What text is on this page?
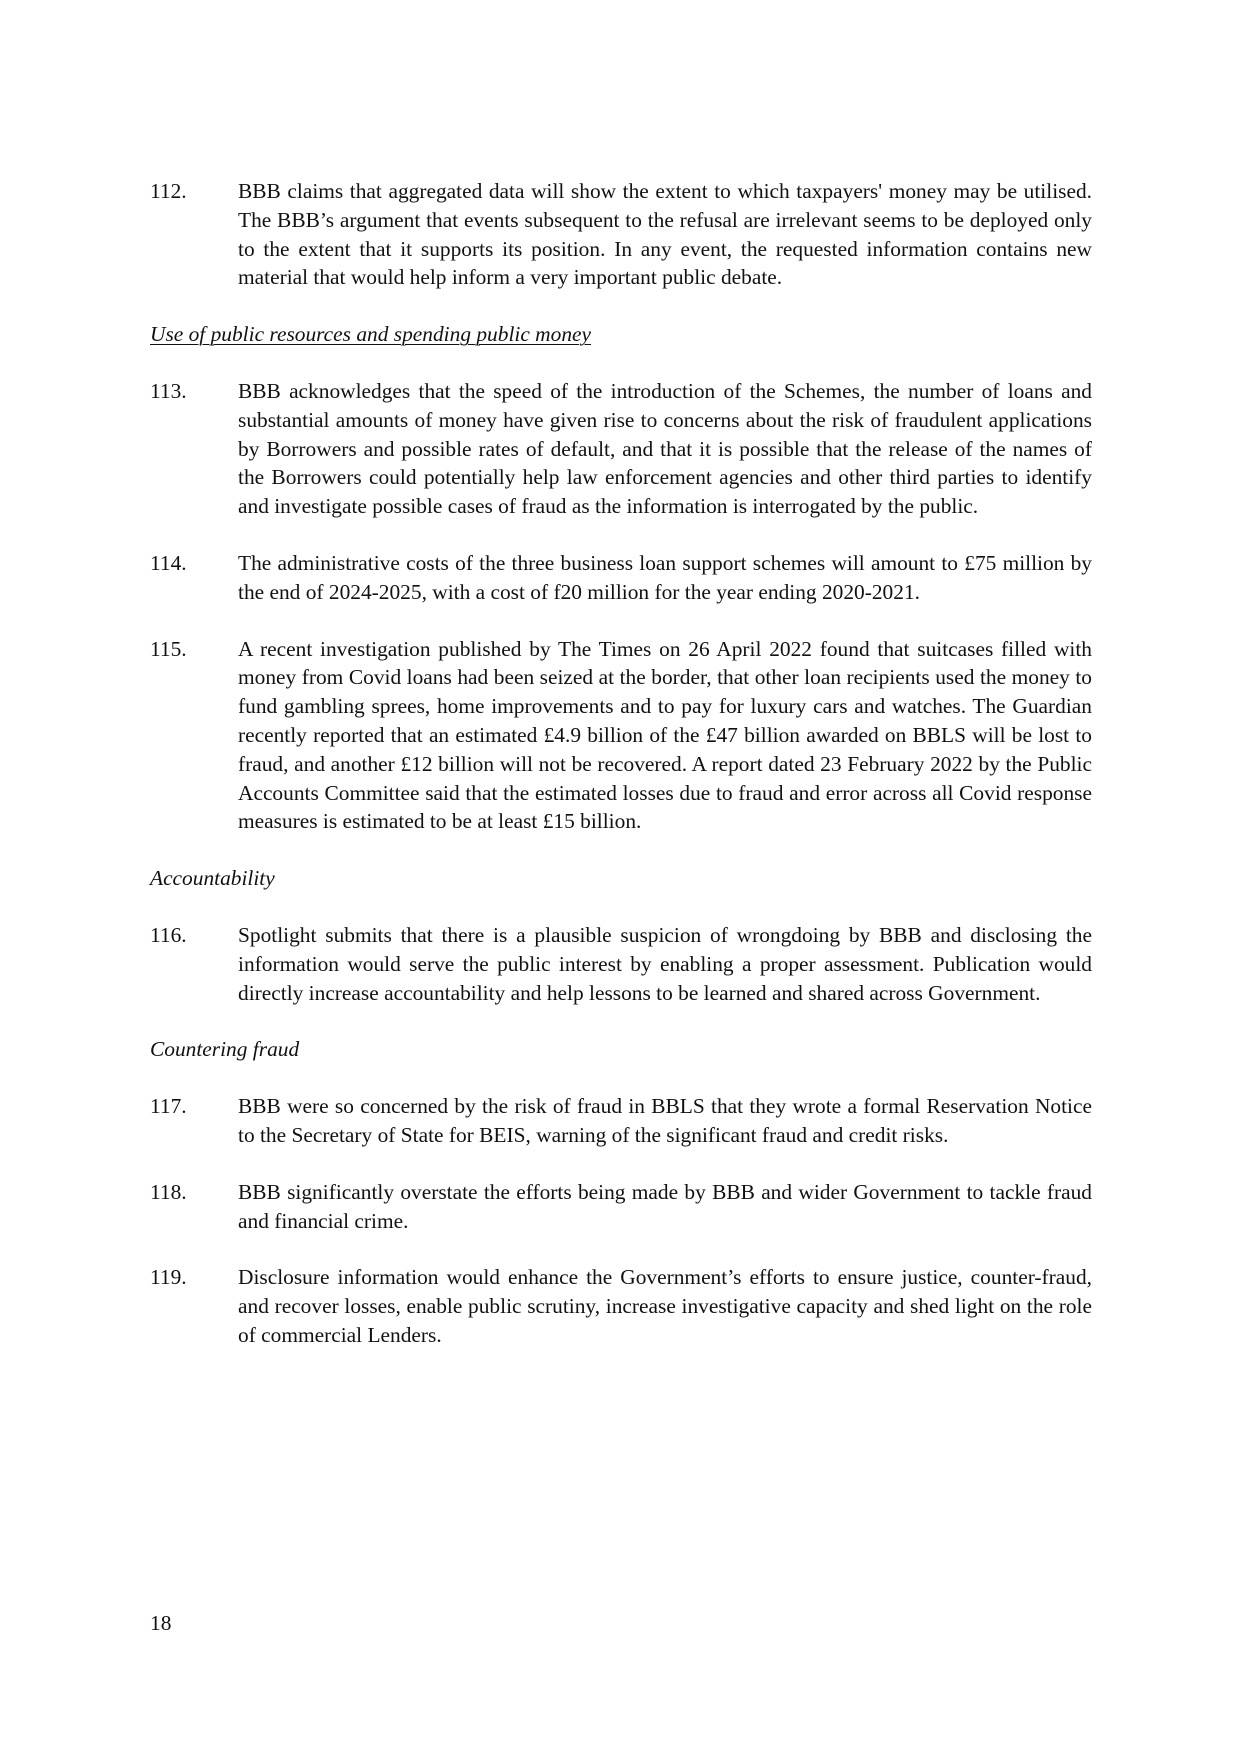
112.	BBB claims that aggregated data will show the extent to which taxpayers' money may be utilised. The BBB’s argument that events subsequent to the refusal are irrelevant seems to be deployed only to the extent that it supports its position. In any event, the requested information contains new material that would help inform a very important public debate.

Use of public resources and spending public money

113.	BBB acknowledges that the speed of the introduction of the Schemes, the number of loans and substantial amounts of money have given rise to concerns about the risk of fraudulent applications by Borrowers and possible rates of default, and that it is possible that the release of the names of the Borrowers could potentially help law enforcement agencies and other third parties to identify and investigate possible cases of fraud as the information is interrogated by the public.
114.	The administrative costs of the three business loan support schemes will amount to £75 million by the end of 2024-2025, with a cost of f20 million for the year ending 2020-2021.
115.	A recent investigation published by The Times on 26 April 2022 found that suitcases filled with money from Covid loans had been seized at the border, that other loan recipients used the money to fund gambling sprees, home improvements and to pay for luxury cars and watches. The Guardian recently reported that an estimated £4.9 billion of the £47 billion awarded on BBLS will be lost to fraud, and another £12 billion will not be recovered. A report dated 23 February 2022 by the Public Accounts Committee said that the estimated losses due to fraud and error across all Covid response measures is estimated to be at least £15 billion.

Accountability

116.	Spotlight submits that there is a plausible suspicion of wrongdoing by BBB and disclosing the information would serve the public interest by enabling a proper assessment. Publication would directly increase accountability and help lessons to be learned and shared across Government.

Countering fraud

117.	BBB were so concerned by the risk of fraud in BBLS that they wrote a formal Reservation Notice to the Secretary of State for BEIS, warning of the significant fraud and credit risks.
118.	BBB significantly overstate the efforts being made by BBB and wider Government to tackle fraud and financial crime.
119.	Disclosure information would enhance the Government’s efforts to ensure justice, counter-fraud, and recover losses, enable public scrutiny, increase investigative capacity and shed light on the role of commercial Lenders.
18
